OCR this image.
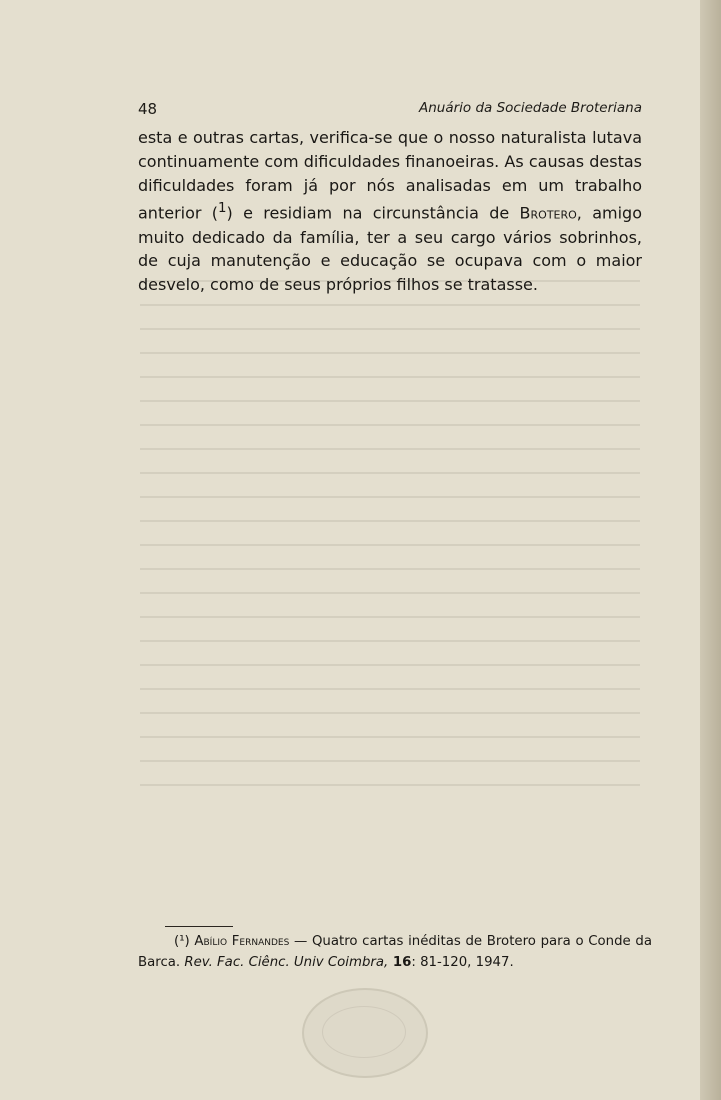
48	Anuário da Sociedade Broteriana

esta e outras cartas, verifica-se que o nosso naturalista lutava continuamente com dificuldades finanoeiras. As causas destas dificuldades foram já por nós analisadas em um trabalho anterior ($^1$) e residiam na circunstância de Brotero, amigo muito dedicado da família, ter a seu cargo vários sobrinhos, de cuja manutenção e educação se ocupava com o maior desvelo, como de seus próprios filhos se tratasse.

(¹) Abílio Fernandes — Quatro cartas inéditas de Brotero para o Conde da Barca. Rev. Fac. Ciênc. Univ Coimbra, 16: 81-120, 1947.
